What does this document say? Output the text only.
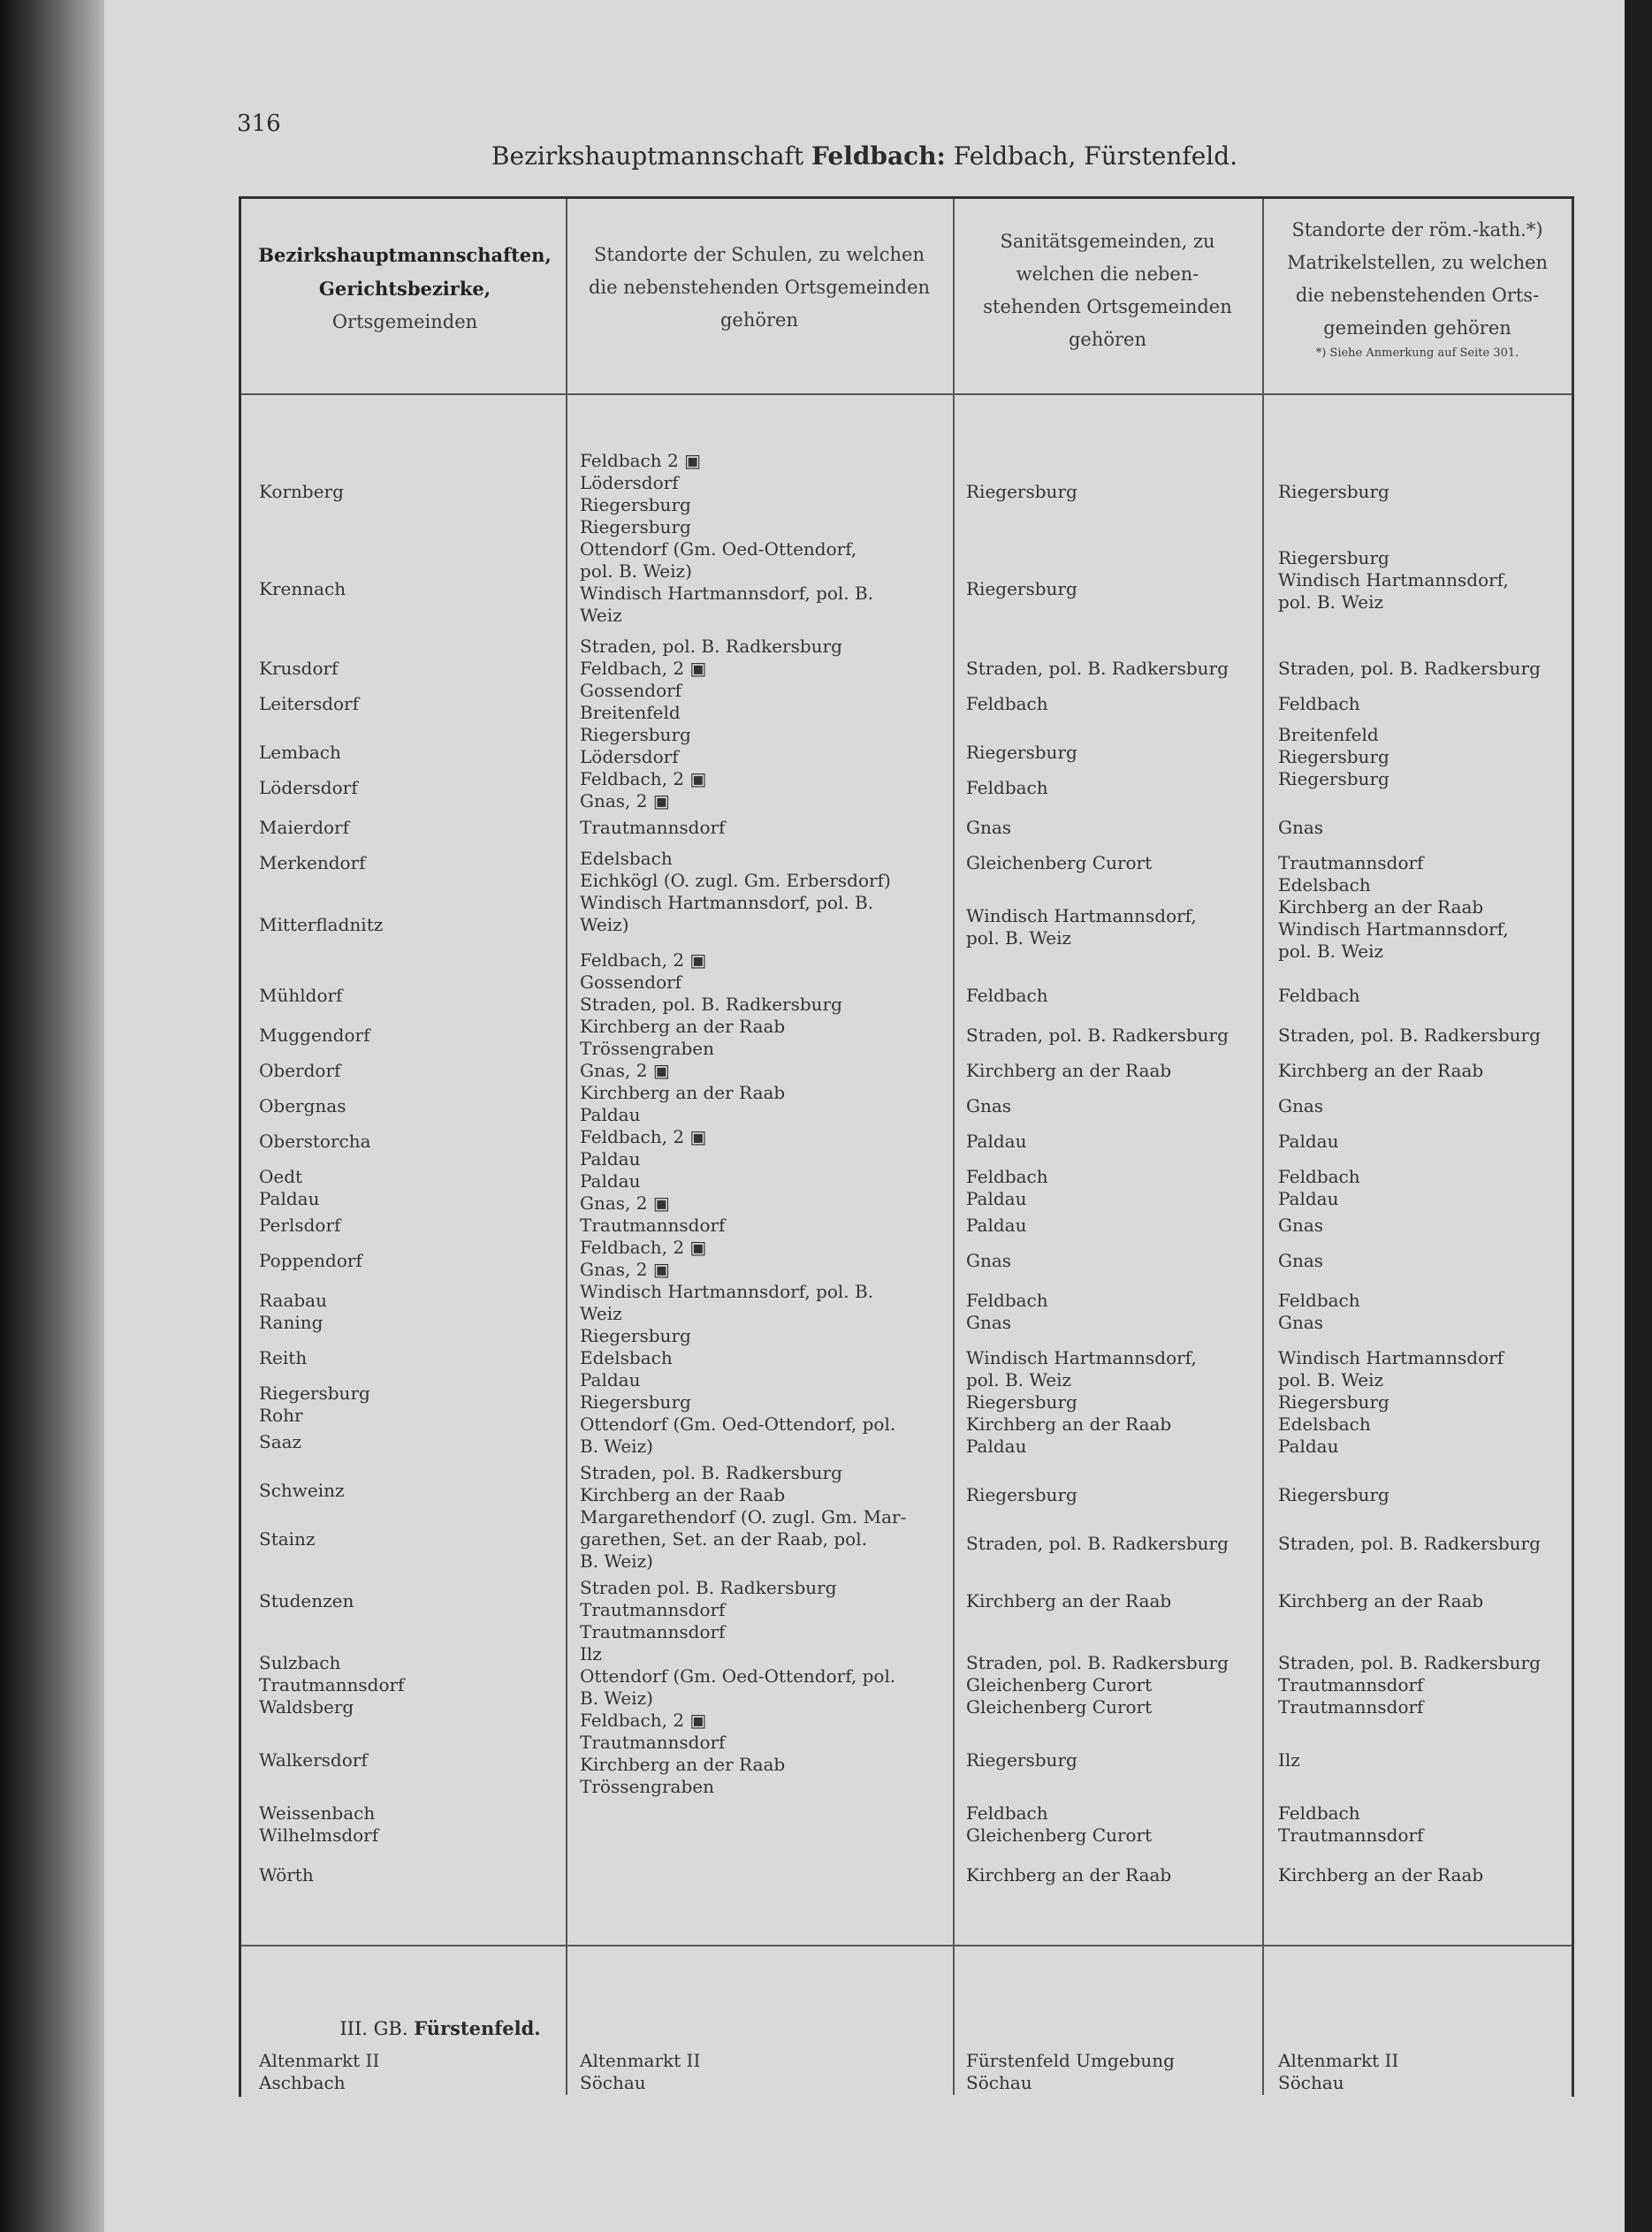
316
Bezirkshauptmannschaft Feldbach: Feldbach, Fürstenfeld.
Bezirkshauptmannschaften,
Gerichtsbezirke,
Ortsgemeinden
Standorte der Schulen, zu welchen
die nebenstehenden Ortsgemeinden
gehören
Sanitätsgemeinden, zu
welchen die neben-
stehenden Ortsgemeinden
gehören
Standorte der röm.-kath.*)
Matrikelstellen, zu welchen
die nebenstehenden Orts-
gemeinden gehören
*) Siehe Anmerkung auf Seite 301.
Kornberg
Krennach
Krusdorf
Leitersdorf
Lembach
Lödersdorf
Maierdorf
Merkendorf
Mitterfladnitz
Mühldorf
Muggendorf
Oberdorf
Obergnas
Oberstorcha
Oedt
Paldau
Perlsdorf
Poppendorf
Raabau
Raning
Reith
Riegersburg
Rohr
Saaz
Schweinz
Stainz
Studenzen
Sulzbach
Trautmannsdorf
Waldsberg
Walkersdorf
Weissenbach
Wilhelmsdorf
Wörth
Feldbach 2 ▣
Lödersdorf
Riegersburg
Riegersburg
Ottendorf (Gm. Oed-Ottendorf,
pol. B. Weiz)
Windisch Hartmannsdorf, pol. B.
Weiz
Straden, pol. B. Radkersburg
Feldbach, 2 ▣
Gossendorf
Breitenfeld
Riegersburg
Lödersdorf
Feldbach, 2 ▣
Gnas, 2 ▣
Trautmannsdorf
Edelsbach
Eichkögl (O. zugl. Gm. Erbersdorf)
Windisch Hartmannsdorf, pol. B.
Weiz)
Feldbach, 2 ▣
Gossendorf
Straden, pol. B. Radkersburg
Kirchberg an der Raab
Trössengraben
Gnas, 2 ▣
Kirchberg an der Raab
Paldau
Feldbach, 2 ▣
Paldau
Paldau
Gnas, 2 ▣
Trautmannsdorf
Feldbach, 2 ▣
Gnas, 2 ▣
Windisch Hartmannsdorf, pol. B.
Weiz
Riegersburg
Edelsbach
Paldau
Riegersburg
Ottendorf (Gm. Oed-Ottendorf, pol.
B. Weiz)
Straden, pol. B. Radkersburg
Kirchberg an der Raab
Margarethendorf (O. zugl. Gm. Mar-
garethen, Set. an der Raab, pol.
B. Weiz)
Straden pol. B. Radkersburg
Trautmannsdorf
Trautmannsdorf
Ilz
Ottendorf (Gm. Oed-Ottendorf, pol.
B. Weiz)
Feldbach, 2 ▣
Trautmannsdorf
Kirchberg an der Raab
Trössengraben
Riegersburg
Riegersburg
Straden, pol. B. Radkersburg
Feldbach
Riegersburg
Feldbach
Gnas
Gleichenberg Curort
Windisch Hartmannsdorf,
pol. B. Weiz
Feldbach
Straden, pol. B. Radkersburg
Kirchberg an der Raab
Gnas
Paldau
Feldbach
Paldau
Paldau
Gnas
Feldbach
Gnas
Windisch Hartmannsdorf,
pol. B. Weiz
Riegersburg
Kirchberg an der Raab
Paldau
Riegersburg
Straden, pol. B. Radkersburg
Kirchberg an der Raab
Straden, pol. B. Radkersburg
Gleichenberg Curort
Gleichenberg Curort
Riegersburg
Feldbach
Gleichenberg Curort
Kirchberg an der Raab
Riegersburg
Riegersburg
Windisch Hartmannsdorf,
pol. B. Weiz
Straden, pol. B. Radkersburg
Feldbach
Breitenfeld
Riegersburg
Riegersburg
Gnas
Trautmannsdorf
Edelsbach
Kirchberg an der Raab
Windisch Hartmannsdorf,
pol. B. Weiz
Feldbach
Straden, pol. B. Radkersburg
Kirchberg an der Raab
Gnas
Paldau
Feldbach
Paldau
Gnas
Gnas
Feldbach
Gnas
Windisch Hartmannsdorf
pol. B. Weiz
Riegersburg
Edelsbach
Paldau
Riegersburg
Straden, pol. B. Radkersburg
Kirchberg an der Raab
Straden, pol. B. Radkersburg
Trautmannsdorf
Trautmannsdorf
Ilz
Feldbach
Trautmannsdorf
Kirchberg an der Raab
III. GB. Fürstenfeld.
Altenmarkt II
Aschbach
Altenmarkt II
Söchau
Fürstenfeld Umgebung
Söchau
Altenmarkt II
Söchau
